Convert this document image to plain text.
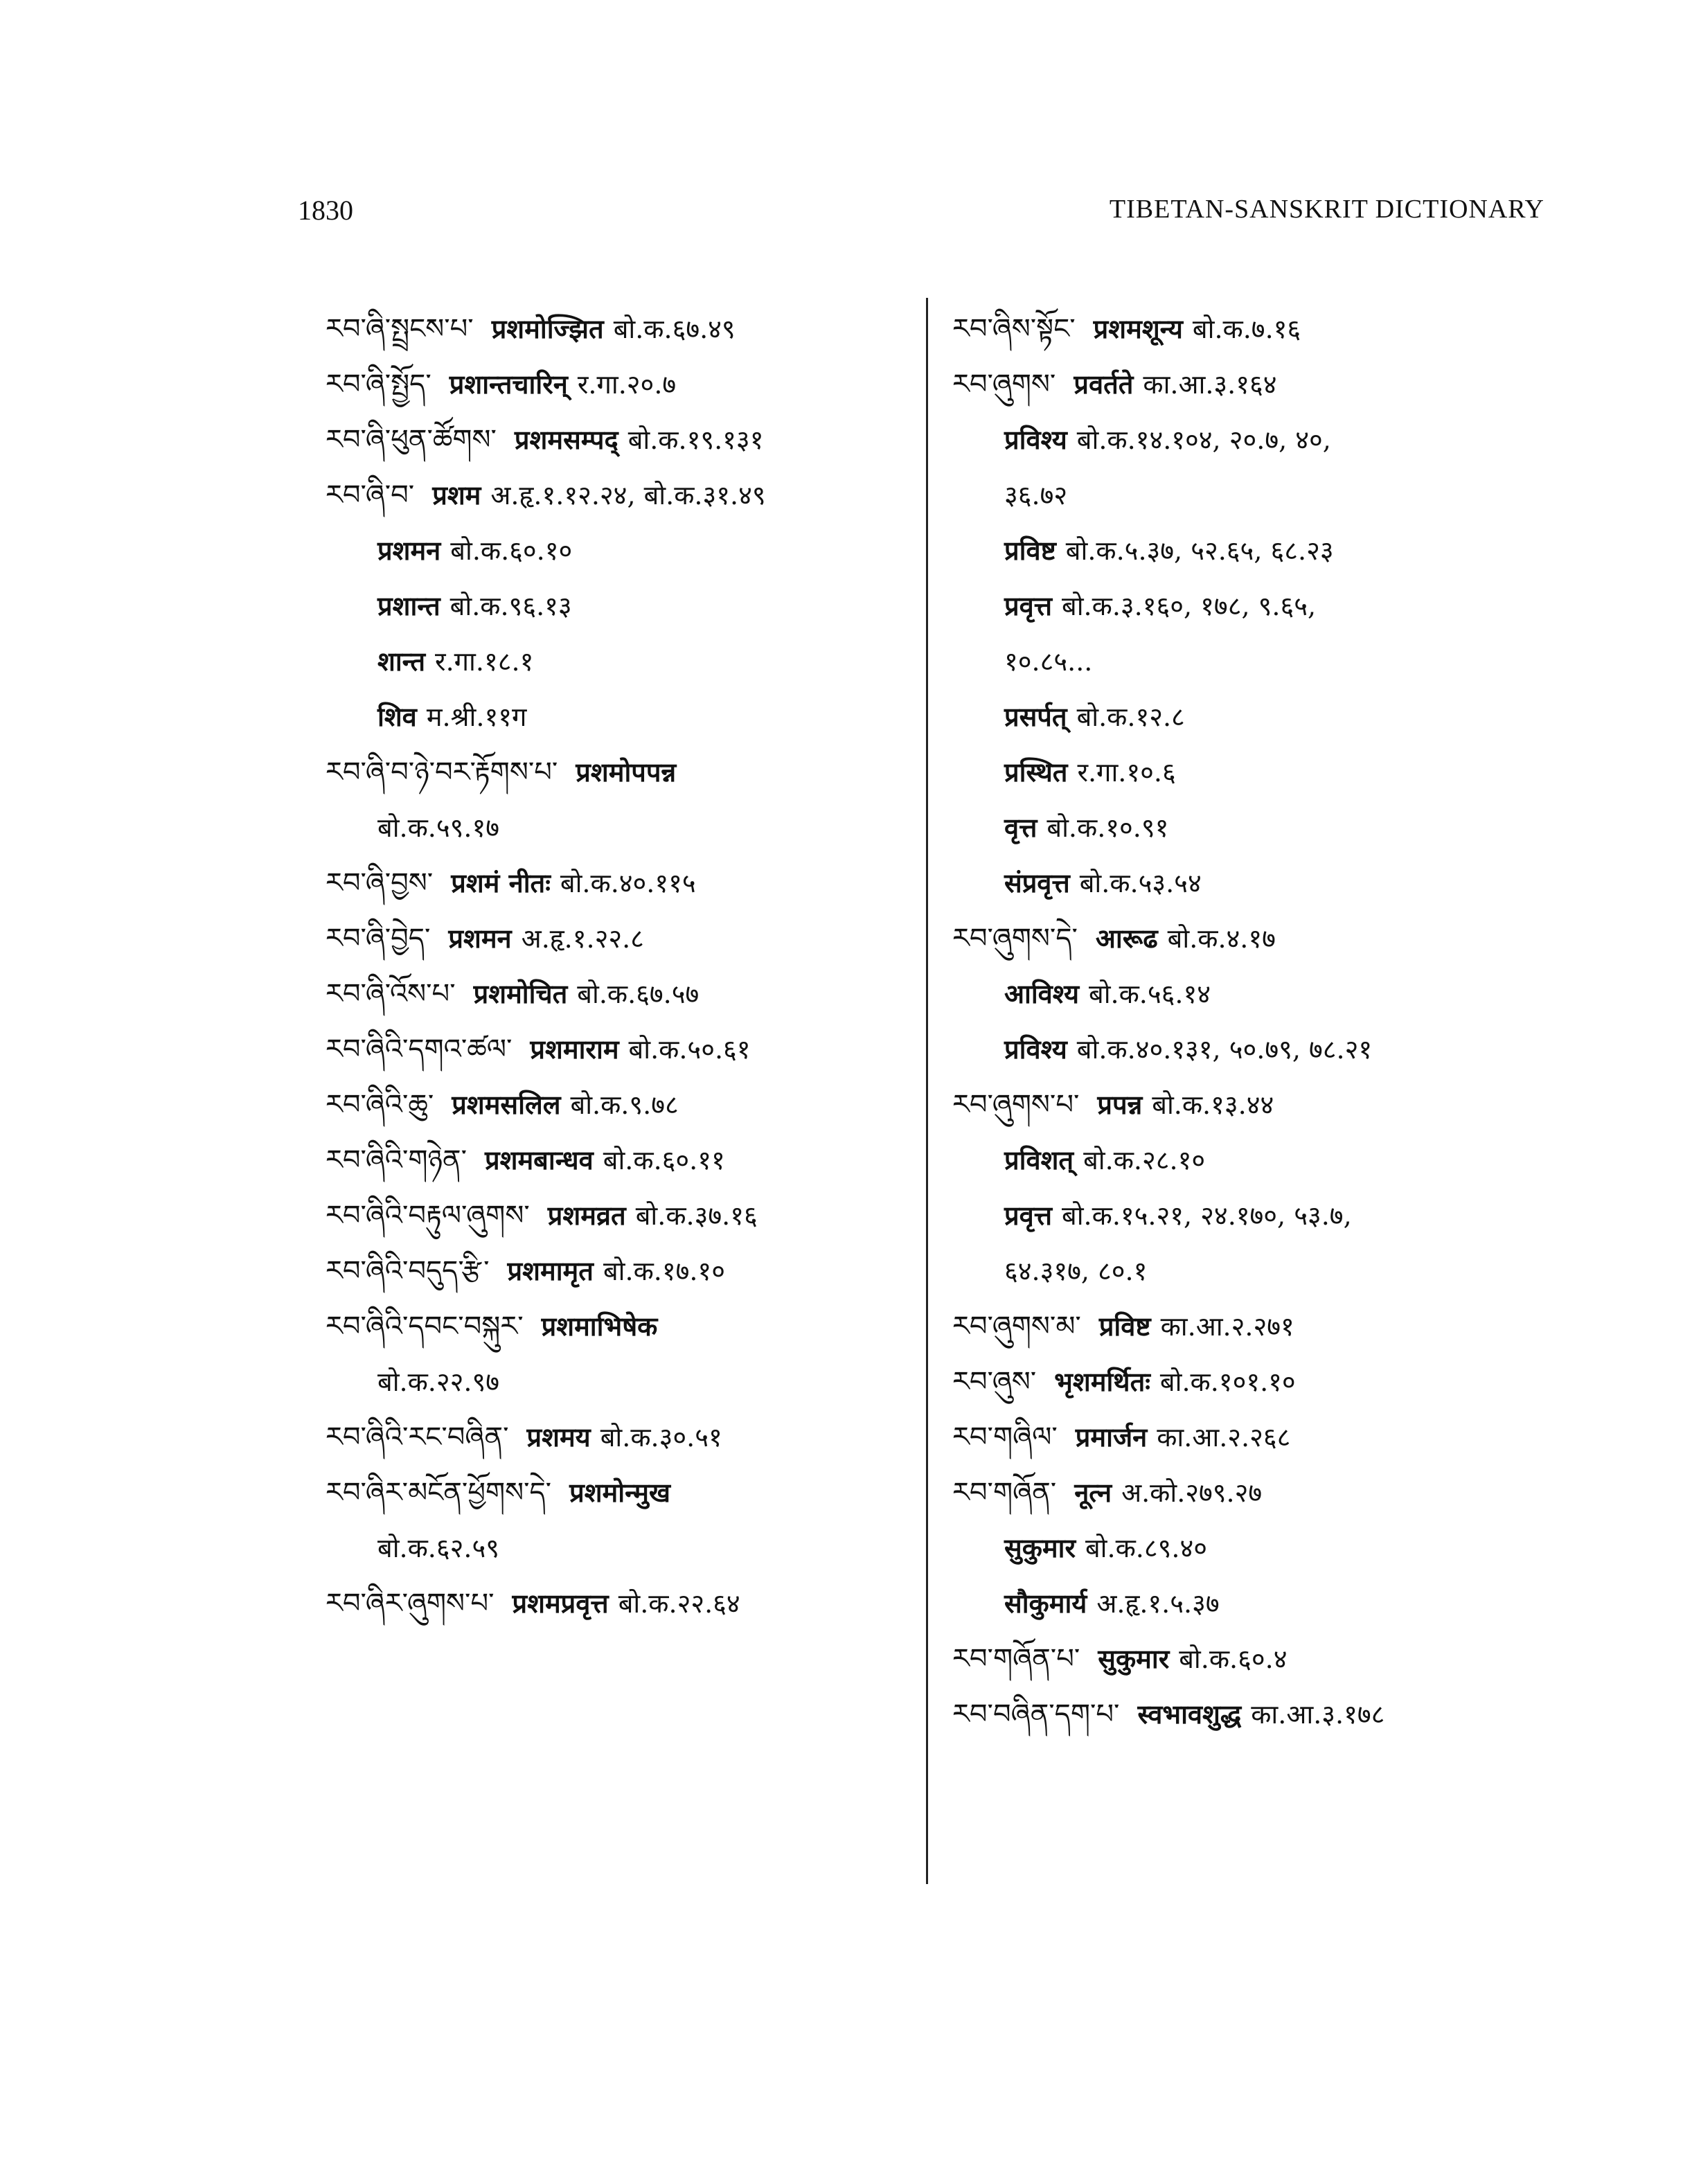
1830	TIBETAN-SANSKRIT DICTIONARY
རབ་ཞི་སྤྲངས་པ་ प्रशमोज्झित बो.क.६७.४९
རབ་ཞི་སྤྱོད་ प्रशान्तचारिन् र.गा.२०.७
རབ་ཞི་ཕུན་ཚོགས་ प्रशमसम्पद् बो.क.१९.१३१
རབ་ཞི་བ་ प्रशम अ.हृ.१.१२.२४, बो.क.३१.४९
प्रशमन बो.क.६०.१०
प्रशान्त बो.क.९६.१३
शान्त र.गा.१८.१
शिव म.श्री.११ग
རབ་ཞི་བ་ཉེ་བར་རྟོགས་པ་ प्रशमोपपन्न
बो.क.५९.१७
རབ་ཞི་བྱས་ प्रशमं नीतः बो.क.४०.११५
རབ་ཞི་བྱེད་ प्रशमन अ.हृ.१.२२.८
རབ་ཞི་འོས་པ་ प्रशमोचित बो.क.६७.५७
རབ་ཞིའི་དགའ་ཚལ་ प्रशमाराम बो.क.५०.६१
རབ་ཞིའི་ཆུ་ प्रशमसलिल बो.क.९.७८
རབ་ཞིའི་གཉེན་ प्रशमबान्धव बो.क.६०.११
རབ་ཞིའི་བརྟུལ་ཞུགས་ प्रशमव्रत बो.क.३७.१६
རབ་ཞིའི་བདུད་རྩི་ प्रशमामृत बो.क.१७.१०
རབ་ཞིའི་དབང་བསྐུར་ प्रशमाभिषेक
बो.क.२२.९७
རབ་ཞིའི་རང་བཞིན་ प्रशमय बो.क.३०.५१
རབ་ཞིར་མངོན་ཕྱོགས་དེ་ प्रशमोन्मुख
बो.क.६२.५९
རབ་ཞིར་ཞུགས་པ་ प्रशमप्रवृत्त बो.क.२२.६४
རབ་ཞིས་སྟོང་ प्रशमशून्य बो.क.७.१६
རབ་ཞུགས་ प्रवर्तते का.आ.३.१६४
प्रविश्य बो.क.१४.१०४, २०.७, ४०,
३६.७२
प्रविष्ट बो.क.५.३७, ५२.६५, ६८.२३
प्रवृत्त बो.क.३.१६०, १७८, ९.६५,
१०.८५...
प्रसर्पत् बो.क.१२.८
प्रस्थित र.गा.१०.६
वृत्त बो.क.१०.९१
संप्रवृत्त बो.क.५३.५४
རབ་ཞུགས་དེ་ आरूढ बो.क.४.१७
आविश्य बो.क.५६.१४
प्रविश्य बो.क.४०.१३१, ५०.७९, ७८.२१
རབ་ཞུགས་པ་ प्रपन्न बो.क.१३.४४
प्रविशत् बो.क.२८.१०
प्रवृत्त बो.क.१५.२१, २४.१७०, ५३.७,
६४.३१७, ८०.१
རབ་ཞུགས་མ་ प्रविष्ट का.आ.२.२७१
རབ་ཞུས་ भृशमर्थितः बो.क.१०१.१०
རབ་གཞིལ་ प्रमार्जन का.आ.२.२६८
རབ་གཞོན་ नूत्न अ.को.२७९.२७
सुकुमार बो.क.८९.४०
सौकुमार्य अ.हृ.१.५.३७
རབ་གཞོན་པ་ सुकुमार बो.क.६०.४
རབ་བཞིན་དག་པ་ स्वभावशुद्ध का.आ.३.१७८
